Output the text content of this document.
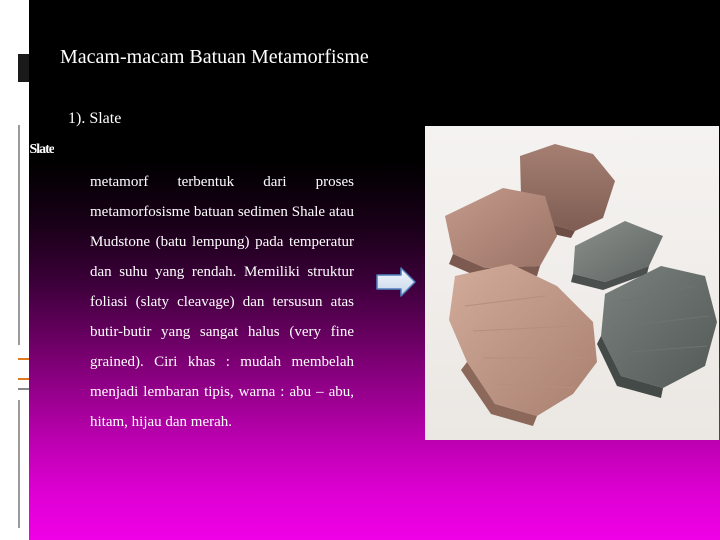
Macam-macam Batuan Metamorfisme
1). Slate

metamorf terbentuk dari proses metamorfosisme batuan sedimen Shale atau Mudstone (batu lempung) pada temperatur dan suhu yang rendah. Memiliki struktur foliasi (slaty cleavage) dan tersusun atas butir-butir yang sangat halus (very fine grained). Ciri khas : mudah membelah menjadi lembaran tipis, warna : abu – abu, hitam, hijau dan merah.

Slate
